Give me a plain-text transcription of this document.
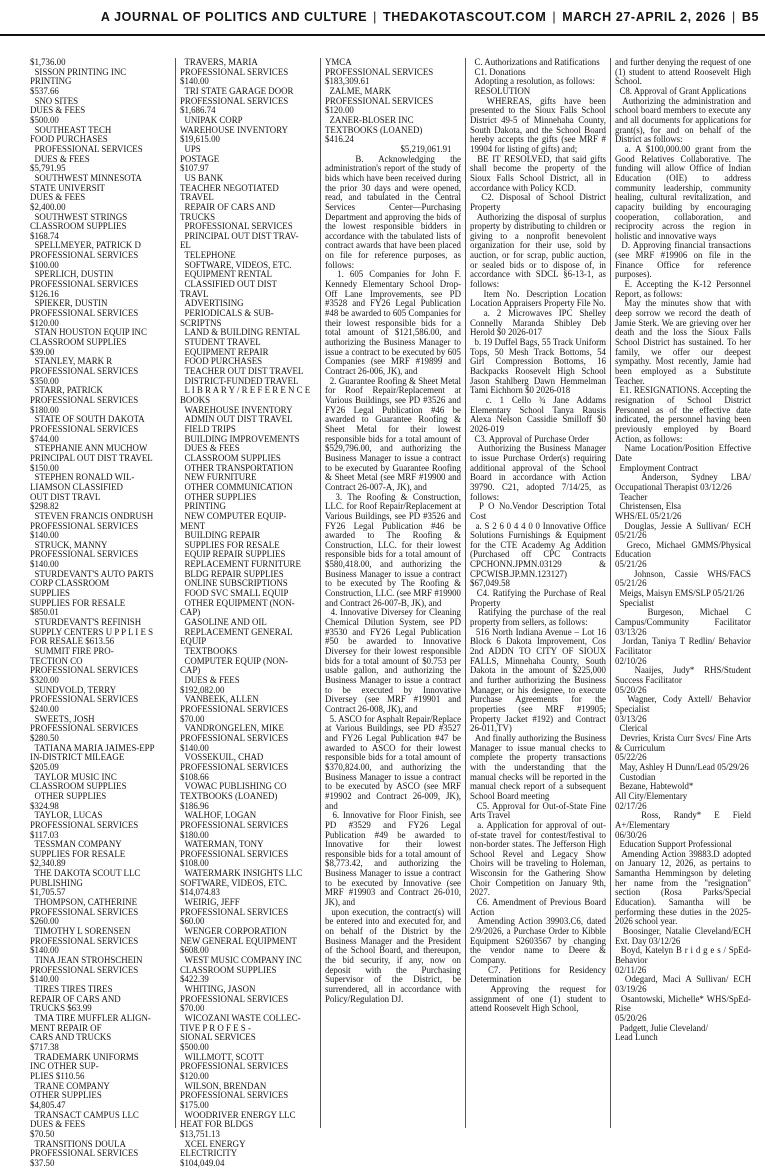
A JOURNAL OF POLITICS AND CULTURE | THEDAKOTASCOUT.COM | MARCH 27-APRIL 2, 2026 | B5
$1,736.00
SISSON PRINTING INC
PRINTING
$537.66
SNO SITES
DUES & FEES
$500.00
SOUTHEAST TECH
FOOD PURCHASES
PROFESSIONAL SERVICES
DUES & FEES
$5,791.95
SOUTHWEST MINNESOTA
STATE UNIVERSIT
DUES & FEES
$2,400.00
SOUTHWEST STRINGS
CLASSROOM SUPPLIES
$168.74
SPELLMEYER, PATRICK D
PROFESSIONAL SERVICES
$100.00
SPERLICH, DUSTIN
PROFESSIONAL SERVICES
$126.16
SPIEKER, DUSTIN
PROFESSIONAL SERVICES
$120.00
STAN HOUSTON EQUIP INC
CLASSROOM SUPPLIES
$39.00
STANLEY, MARK R
PROFESSIONAL SERVICES
$350.00
STARR, PATRICK
PROFESSIONAL SERVICES
$180.00
STATE OF SOUTH DAKOTA
PROFESSIONAL SERVICES
$744.00
STEPHANIE ANN MUCHOW
PRINCIPAL OUT DIST TRAVEL
$150.00
STEPHEN RONALD WIL-
LIAMSON CLASSIFIED
OUT DIST TRAVL
$298.82
STEVEN FRANCIS ONDRUSH
PROFESSIONAL SERVICES
$140.00
STRUCK, MANNY
PROFESSIONAL SERVICES
$140.00
STURDEVANT'S AUTO PARTS
CORP CLASSROOM
SUPPLIES
SUPPLIES FOR RESALE
$850.01
STURDEVANT'S REFINISH
SUPPLY CENTERS U P P L I E S
FOR RESALE $613.56
SUMMIT FIRE PRO-
TECTION CO
PROFESSIONAL SERVICES
$320.00
SUNDVOLD, TERRY
PROFESSIONAL SERVICES
$240.00
SWEETS, JOSH
PROFESSIONAL SERVICES
$280.50
TATIANA MARIA JAIMES-EPP
IN-DISTRICT MILEAGE
$205.09
TAYLOR MUSIC INC
CLASSROOM SUPPLIES
OTHER SUPPLIES
$324.98
TAYLOR, LUCAS
PROFESSIONAL SERVICES
$117.03
TESSMAN COMPANY
SUPPLIES FOR RESALE
$2,340.89
THE DAKOTA SCOUT LLC
PUBLISHING
$1,705.57
THOMPSON, CATHERINE
PROFESSIONAL SERVICES
$260.00
TIMOTHY L SORENSEN
PROFESSIONAL SERVICES
$140.00
TINA JEAN STROHSCHEIN
PROFESSIONAL SERVICES
$140.00
TIRES TIRES TIRES
REPAIR OF CARS AND
TRUCKS $63.99
TMA TIRE MUFFLER ALIGN-
MENT REPAIR OF
CARS AND TRUCKS
$717.38
TRADEMARK UNIFORMS
INC OTHER SUP-
PLIES $110.56
TRANE COMPANY
OTHER SUPPLIES
$4,805.47
TRANSACT CAMPUS LLC
DUES & FEES
$70.50
TRANSITIONS DOULA
PROFESSIONAL SERVICES
$37.50
TRAVERS, MARIA
PROFESSIONAL SERVICES
$140.00
TRI STATE GARAGE DOOR
PROFESSIONAL SERVICES
$1,686.74
UNIPAK CORP
WAREHOUSE INVENTORY
$19,615.00
UPS
POSTAGE
$107.97
US BANK
TEACHER NEGOTIATED
TRAVEL
REPAIR OF CARS AND
TRUCKS
PROFESSIONAL SERVICES
PRINCIPAL OUT DIST TRAV-
EL
TELEPHONE
SOFTWARE, VIDEOS, ETC.
EQUIPMENT RENTAL
CLASSIFIED OUT DIST
TRAVL
ADVERTISING
PERIODICALS & SUB-
SCRIPTNS
LAND & BUILDING RENTAL
STUDENT TRAVEL
EQUIPMENT REPAIR
FOOD PURCHASES
TEACHER OUT DIST TRAVEL
DISTRICT-FUNDED TRAVEL
L I B R A R Y / R E F E R E N C E
BOOKS
WAREHOUSE INVENTORY
ADMIN OUT DIST TRAVEL
FIELD TRIPS
BUILDING IMPROVEMENTS
DUES & FEES
CLASSROOM SUPPLIES
OTHER TRANSPORTATION
NEW FURNITURE
OTHER COMMUNICATION
OTHER SUPPLIES
PRINTING
NEW COMPUTER EQUIP-
MENT
BUILDING REPAIR
SUPPLIES FOR RESALE
EQUIP REPAIR SUPPLIES
REPLACEMENT FURNITURE
BLDG REPAIR SUPPLIES
ONLINE SUBSCRIPTIONS
FOOD SVC SMALL EQUIP
OTHER EQUIPMENT (NON-
CAP)
GASOLINE AND OIL
REPLACEMENT GENERAL
EQUIP
TEXTBOOKS
COMPUTER EQUIP (NON-
CAP)
DUES & FEES
$192,082.00
VANBEEK, ALLEN
PROFESSIONAL SERVICES
$70.00
VANDRONGELEN, MIKE
PROFESSIONAL SERVICES
$140.00
VOSSEKUIL, CHAD
PROFESSIONAL SERVICES
$108.66
VOWAC PUBLISHING CO
TEXTBOOKS (LOANED)
$186.96
WALHOF, LOGAN
PROFESSIONAL SERVICES
$180.00
WATERMAN, TONY
PROFESSIONAL SERVICES
$108.00
WATERMARK INSIGHTS LLC
SOFTWARE, VIDEOS, ETC.
$14,074.83
WEIRIG, JEFF
PROFESSIONAL SERVICES
$60.00
WENGER CORPORATION
NEW GENERAL EQUIPMENT
$608.00
WEST MUSIC COMPANY INC
CLASSROOM SUPPLIES
$422.39
WHITING, JASON
PROFESSIONAL SERVICES
$70.00
WICOZANI WASTE COLLEC-
TIVE P R O F E S -
SIONAL SERVICES
$500.00
WILLMOTT, SCOTT
PROFESSIONAL SERVICES
$120.00
WILSON, BRENDAN
PROFESSIONAL SERVICES
$175.00
WOODRIVER ENERGY LLC
HEAT FOR BLDGS
$13,751.13
XCEL ENERGY
ELECTRICITY
$104,049.04
YMCA
PROFESSIONAL SERVICES
$183,309.61
ZALME, MARK
PROFESSIONAL SERVICES
$120.00
ZANER-BLOSER INC
TEXTBOOKS (LOANED)
$416.24
$5,219,061.91
B. Acknowledging the administration's report of the study of bids which have been received during the prior 30 days and were opened, read, and tabulated in the Central Services Center—Purchasing Department and approving the bids of the lowest responsible bidders in accordance with the tabulated lists of contract awards that have been placed on file for reference purposes, as follows:
1. 605 Companies for John F. Kennedy Elementary School Drop-Off Lane Improvements, see PD #3528 and FY26 Legal Publication #48 be awarded to 605 Companies for their lowest responsible bids for a total amount of $121,586.00, and authorizing the Business Manager to issue a contract to be executed by 605 Companies (see MRF #19899 and Contract 26-006, JK), and
2. Guarantee Roofing & Sheet Metal for Roof Repair/Replacement at Various Buildings, see PD #3526 and FY26 Legal Publication #46 be awarded to Guarantee Roofing & Sheet Metal for their lowest responsible bids for a total amount of $529,796.00, and authorizing the Business Manager to issue a contract to be executed by Guarantee Roofing & Sheet Metal (see MRF #19900 and Contract 26-007-A, JK), and
3. The Roofing & Construction, LLC. for Roof Repair/Replacement at Various Buildings, see PD #3526 and FY26 Legal Publication #46 be awarded to The Roofing & Construction, LLC. for their lowest responsible bids for a total amount of $580,418.00, and authorizing the Business Manager to issue a contract to be executed by The Roofing & Construction, LLC. (see MRF #19900 and Contract 26-007-B, JK), and
4. Innovative Diversey for Cleaning Chemical Dilution System, see PD #3530 and FY26 Legal Publication #50 be awarded to Innovative Diversey for their lowest responsible bids for a total amount of $0.753 per usable gallon, and authorizing the Business Manager to issue a contract to be executed by Innovative Diversey (see MRF #19901 and Contract 26-008, JK), and
5. ASCO for Asphalt Repair/Replace at Various Buildings, see PD #3527 and FY26 Legal Publication #47 be awarded to ASCO for their lowest responsible bids for a total amount of $370,824.00, and authorizing the Business Manager to issue a contract to be executed by ASCO (see MRF #19902 and Contract 26-009, JK), and
6. Innovative for Floor Finish, see PD #3529 and FY26 Legal Publication #49 be awarded to Innovative for their lowest responsible bids for a total amount of $8,773.42, and authorizing the Business Manager to issue a contract to be executed by Innovative (see MRF #19903 and Contract 26-010, JK), and
upon execution, the contract(s) will be entered into and executed for, and on behalf of the District by the Business Manager and the President of the School Board, and thereupon, the bid security, if any, now on deposit with the Purchasing Supervisor of the District, be surrendered, all in accordance with Policy/Regulation DJ.
C. Authorizations and Ratifications
C1. Donations
Adopting a resolution, as follows:
RESOLUTION
WHEREAS, gifts have been presented to the Sioux Falls School District 49-5 of Minnehaha County, South Dakota, and the School Board hereby accepts the gifts (see MRF # 19904 for listing of gifts) and;
BE IT RESOLVED, that said gifts shall become the property of the Sioux Falls School District, all in accordance with Policy KCD.
C2. Disposal of School District Property
Authorizing the disposal of surplus property by distributing to children or giving to a nonprofit benevolent organization for their use, sold by auction, or for scrap, public auction, or sealed bids or to dispose of, in accordance with SDCL §6-13-1, as follows:
Item No. Description Location Location Appraisers Property File No.
a. 2 Microwaves IPC Shelley Connelly Maranda Shibley Deb Herold $0 2026-017
b. 19 Duffel Bags, 55 Track Uniform Tops, 50 Mesh Track Bottoms, 54 Girl Compression Bottoms, 16 Backpacks Roosevelt High School Jason Stahlberg Dawn Hemmelman Tami Eichhorn $0 2026-018
c. 1 Cello ¾ Jane Addams Elementary School Tanya Rausis Alexa Nelson Cassidie Smilloff $0 2026-019
C3. Approval of Purchase Order
Authorizing the Business Manager to issue Purchase Order(s) requiring additional approval of the School Board in accordance with Action 39790. C21, adopted 7/14/25, as follows:
P O No.Vendor Description Total Cost
a. S 2 6 0 4 4 0 0 Innovative Office Solutions Furnishings & Equipment for the CTE Academy Ag Addition (Purchased off CPC Contracts CPCHONN.JPMN.03129 & CPCWISB.JP.MN.123127) $67,049.58
C4. Ratifying the Purchase of Real Property
Ratifying the purchase of the real property from sellers, as follows:
516 North Indiana Avenue – Lot 16 Block 6 Dakota Improvement, Cos 2nd ADDN TO CITY OF SIOUX FALLS, Minnehaha County, South Dakota in the amount of $225,000 and further authorizing the Business Manager, or his designee, to execute Purchase Agreements for the properties (see MRF #19905; Property Jacket #192) and Contract 26-011,TV)
And finally authorizing the Business Manager to issue manual checks to complete the property transactions with the understanding that the manual checks will be reported in the manual check report of a subsequent School Board meeting
C5. Approval for Out-of-State Fine Arts Travel
a. Application for approval of out-of-state travel for contest/festival to non-border states. The Jefferson High School Revel and Legacy Show Choirs will be traveling to Holeman, Wisconsin for the Gathering Show Choir Competition on January 9th, 2027.
C6. Amendment of Previous Board Action
Amending Action 39903.C6, dated 2/9/2026, a Purchase Order to Kibble Equipment S2603567 by changing the vendor name to Deere & Company.
C7. Petitions for Residency Determination
Approving the request for assignment of one (1) student to attend Roosevelt High School,
and further denying the request of one (1) student to attend Roosevelt High School.
C8. Approval of Grant Applications
Authorizing the administration and school board members to execute any and all documents for applications for grant(s), for and on behalf of the District as follows:
a. A $100,000.00 grant from the Good Relatives Collaborative. The funding will allow Office of Indian Education (OIE) to address community leadership, community healing, cultural revitalization, and capacity building by encouraging cooperation, collaboration, and reciprocity across the region in holistic and innovative ways
D. Approving financial transactions (see MRF #19906 on file in the Finance Office for reference purposes).
E. Accepting the K-12 Personnel Report, as follows:
May the minutes show that with deep sorrow we record the death of Jamie Sterk. We are grieving over her death and the loss the Sioux Falls School District has sustained. To her family, we offer our deepest sympathy. Most recently, Jamie had been employed as a Substitute Teacher.
E1. RESIGNATIONS. Accepting the resignation of School District Personnel as of the effective date indicated, the personnel having been previously employed by Board Action, as follows:
Name Location/Position Effective Date
Employment Contract
Anderson, Sydney LBA/ Occupational Therapist 03/12/26
Teacher
Christensen, Elsa
WHS/EL 05/21/26
Douglas, Jessie A Sullivan/ ECH 05/21/26
Greco, Michael GMMS/Physical Education
05/21/26
Johnson, Cassie WHS/FACS 05/21/26
Meigs, Maisyn EMS/SLP 05/21/26
Specialist
Burgeson, Michael C Campus/Community Facilitator 03/13/26
Jordan, Taniya T Redlin/ Behavior Facilitator
02/10/26
Naaijes, Judy* RHS/Student Success Facilitator
05/20/26
Wagner, Cody Axtell/ Behavior Specialist
03/13/26
Clerical
Devries, Krista Curr Svcs/ Fine Arts & Curriculum
05/22/26
May, Ashley H Dunn/Lead 05/29/26
Custodian
Bezane, Habtewold*
All City/Elementary
02/17/26
Ross, Randy* E Field A+/Elementary
06/30/26
Education Support Professional
Amending Action 39883.D adopted on January 12, 2026, as pertains to Samantha Hemmingson by deleting her name from the "resignation" section (Rosa Parks/Special Education). Samantha will be performing these duties in the 2025-2026 school year.
Boosinger, Natalie Cleveland/ECH Ext. Day 03/12/26
Boyd, Katelyn B r i d g e s / SpEd-Behavior
02/11/26
Odegard, Maci A Sullivan/ ECH 03/19/26
Osantowski, Michelle* WHS/SpEd-Rise
05/20/26
Padgett, Julie Cleveland/
Lead Lunch
